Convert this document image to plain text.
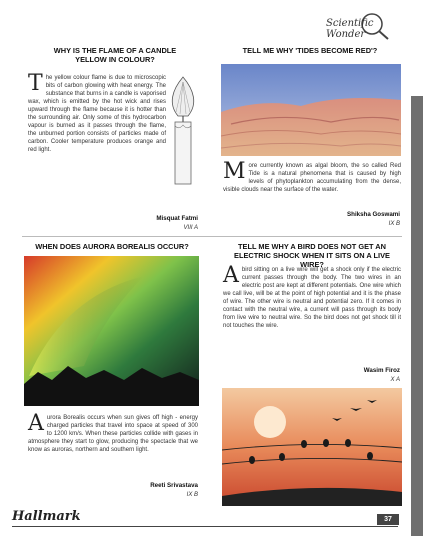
Scientific Wonder
WHY IS THE FLAME OF A CANDLE YELLOW IN COLOUR?
T he yellow colour flame is due to microscopic bits of carbon glowing with heat energy. The substance that burns in a candle is vaporised wax, which is emitted by the hot wick and rises upward through the flame because it is hotter than the surrounding air. Only some of this hydrocarbon vapour is burned as it passes through the flame, the unburned portion consists of particles made of carbon. Cooler temperature produces orange and red light.
Misquat Fatmi
VIII A
TELL ME WHY 'TIDES BECOME RED'?
M ore currently known as algal bloom, the so called Red Tide is a natural phenomena that is caused by high levels of phytoplankton accumulating from the dense, visible clouds near the surface of the water.
Shiksha Goswami
IX B
WHEN DOES AURORA BOREALIS OCCUR?
A urora Borealis occurs when sun gives off high - energy charged particles that travel into space at speed of 300 to 1200 km/s. When these particles collide with gases in atmosphere they start to glow, producing the spectacle that we know as auroras, northern and southern light.
Reeti Srivastava
IX B
TELL ME WHY A BIRD DOES NOT GET AN ELECTRIC SHOCK WHEN IT SITS ON A LIVE WIRE?
A bird sitting on a live wire will get a shock only if the electric current passes through the body. The two wires in an electric post are kept at different potentials. One wire which we call live, will be at the point of high potential and it is the phase of wire. The other wire is neutral and potential zero. If it comes in contact with the neutral wire, a current will pass through its body from live wire to neutral wire. So the bird does not get shock till it not touches the wire.
Wasim Firoz
X A
Hallmark	37
